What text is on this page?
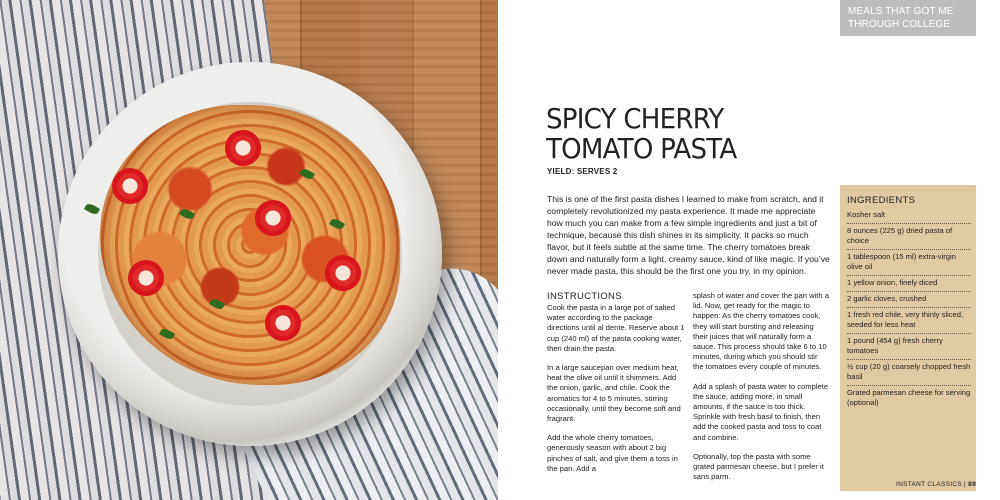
MEALS THAT GOT ME THROUGH COLLEGE
SPICY CHERRY
TOMATO PASTA
YIELD: SERVES 2
This is one of the first pasta dishes I learned to make from scratch, and it completely revolutionized my pasta experience. It made me appreciate how much you can make from a few simple ingredients and just a bit of technique, because this dish shines in its simplicity. It packs so much flavor, but it feels subtle at the same time. The cherry tomatoes break down and naturally form a light, creamy sauce, kind of like magic. If you’ve never made pasta, this should be the first one you try, in my opinion.
INSTRUCTIONS

Cook the pasta in a large pot of salted water according to the package directions until al dente. Reserve about 1 cup (240 ml) of the pasta cooking water, then drain the pasta.

In a large saucepan over medium heat, heat the olive oil until it shimmers. Add the onion, garlic, and chile. Cook the aromatics for 4 to 5 minutes, stirring occasionally, until they become soft and fragrant.

Add the whole cherry tomatoes, generously season with about 2 big pinches of salt, and give them a toss in the pan. Add a

splash of water and cover the pan with a lid. Now, get ready for the magic to happen: As the cherry tomatoes cook, they will start bursting and releasing their juices that will naturally form a sauce. This process should take 6 to 10 minutes, during which you should stir the tomatoes every couple of minutes.

Add a splash of pasta water to complete the sauce, adding more, in small amounts, if the sauce is too thick. Sprinkle with fresh basil to finish, then add the cooked pasta and toss to coat and combine.

Optionally, top the pasta with some grated parmesan cheese, but I prefer it sans parm.

INGREDIENTS
Kosher salt
8 ounces (225 g) dried pasta of choice
1 tablespoon (15 ml) extra-virgin olive oil
1 yellow onion, finely diced
2 garlic cloves, crushed
1 fresh red chile, very thinly sliced, seeded for less heat
1 pound (454 g) fresh cherry tomatoes
½ cup (20 g) coarsely chopped fresh basil
Grated parmesan cheese for serving (optional)
INSTANT CLASSICS | 89
